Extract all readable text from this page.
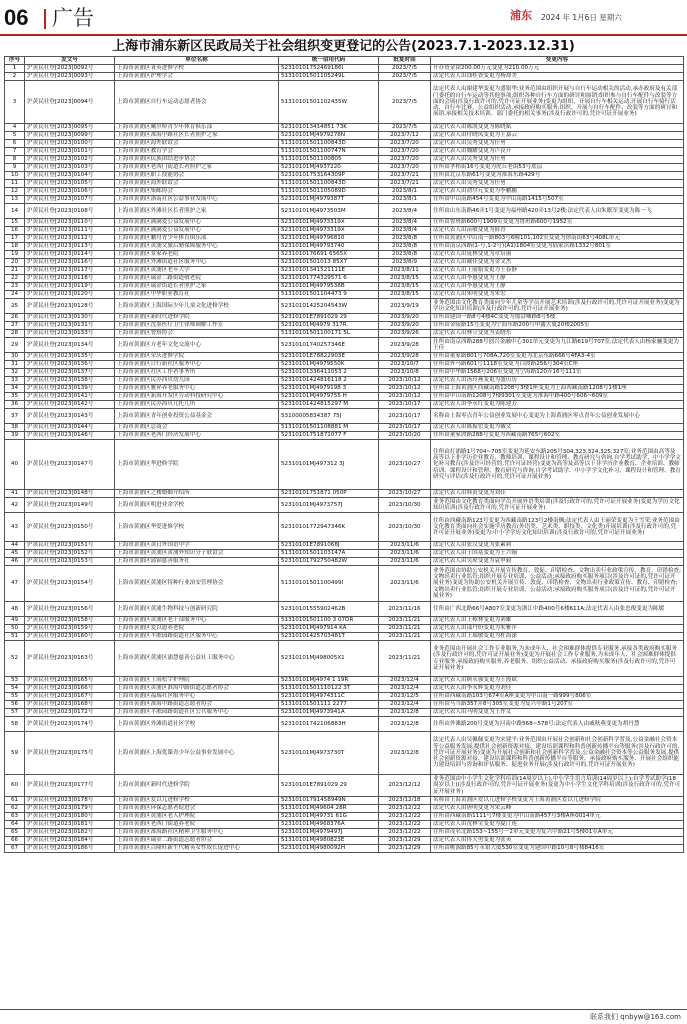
06 广告	浦东	2024 年 1月6日 星期六
上海市浦东新区民政局关于社会组织变更登记的公告(2023.7.1-2023.12.31)
序号	发文号	单位名称	统一信用代码	批复时间	变更内容
1	沪黄民社登[2023]0092号	上海市黄浦区菁英进修学校	52310101752469186l	2023/7/5	开办资金由200.00万元变更为210.00万元
2	沪黄民社登[2023]0093号	上海市黄浦区护理学会	51310101501105249L	2023/7/5	法定代表人由钱桂香变更为杨却美
3	沪黄民社登[2023]0094号	上海市黄浦区自行车运动志愿者协会	51310101501102435W	2023/7/5	法定代表人由谢建华变更为盛银华;业务范围由组织开展与自行车运动相关的活动,承办政府及有关部门委托的自行车运动等其他事项;组织各种自行车方面的研讨和展销;组织参与自行车配件与改装等方面的会展(涉及行政许可的,凭许可证开展业务)变更为组织、开展自行车相关运动,开展自行车骑行活动、自行车比赛、公益组织活动,承接政府购买服务,组织、开展与自行车配件、改装等方面的研讨和展销,承接相关技术培训、部门委托的相关事务(涉及行政许可的,凭许可证开展业务)
4	沪黄民社登[2023]0095号	上海市黄浦区曦尔桥青少年体育俱乐部	523101013414851 73K	2023/7/5	法定代表人由陈凯变更为陈晓斌
5	沪黄民社登[2023]0099号	上海市黄浦区淮海中路社区长者照护之家	52310101MJ4979278N	2023/7/12	法定代表人由付晓凤变更为王嘉云
6	沪黄民社登[2023]0100号	上海市黄浦区海外联谊会	51310101501100843D	2023/7/20	法定代表人由吴秀变更为任勇
7	沪黄民社登[2023]0101号	上海市黄浦区教育学会	51310101501100747N	2023/7/20	法定代表人由魏耀变更为卢苠升
8	沪黄民社登[2023]0102号	上海市黄浦区民族团结进步协会	51310101501100805	2023/7/20	法定代表人由吴秀变更为任勇
9	沪黄民社登[2023]0103号	上海市黄浦区老西门街道长者照护之家	52310101MJ4937220	2023/7/20	住所由孝梧街16号变更为虎丘老街53号底层
10	沪黄民社登[2023]0104号	上海市黄浦区职工技能协会	52310101753164309P	2023/7/21	住所由北京东路61号变更为淮海东路429号
11	沪黄民社登[2023]0105号	上海市黄浦区海外联谊会	51310101501100843D	2023/7/21	法定代表人由吴秀变更为任勇
12	沪黄民社登[2023]0106号	上海市黄浦区集邮协会	51310101501105089D	2023/8/1	法定代表人由俞尔元变更为李鹏鹏
13	沪黄民社登[2023]0107号	上海市黄浦区浙南社区公益事业发展中心	52310101MJ4979387T	2023/8/1	住所由中山南路454号变更为中山南路1415号507室
14	沪黄民社登[2023]0108号	上海市黄浦区外滩社区长者照护之家	52310101MJ4973503M	2023/8/4	住所由山东南路46弄1号变更为福州路420弄13号2楼;法定代表人由朱眠军变更为陈一飞
15	沪黄民社登[2023]0110号	上海市黄浦区满满爱公益发展中心	52310101MJ4973319X	2023/8/4	住所由鲁班路600号1909室变更为鲁班路600号1952室
16	沪黄民社登[2023]0111号	上海市黄浦区满满爱公益发展中心	52310101MJ4973319X	2023/8/4	法定代表人由苗敏变更为薛青
17	沪黄民社登[2023]0112号	上海市黄浦区鹏舟青少年体育俱乐部	52310101MJ49796810	2023/8/8	住所由黄浦区中山南一路803号6幢101,102室变更为徐南街63号408L单元
18	沪黄民社登[2023]0113号	上海市黄浦区黄浦文旅后勤保障服务中心	52310101MJ49793740	2023/8/8	住所由南京西路(1-号,1-2号)(A1)1804室变更为陆家浜路1332号801室
19	沪黄民社登[2023]0114号	上海市黄浦区景家养老院	5231010176691 6565X	2023/8/8	法定代表人由庞林变更为章培丽
20	沪黄民社登[2023]0116号	上海市黄浦区外滩街道社区服务中心	52310101501013 85X7	2023/8/9	法定代表人由戴佳变更为金文杰
21	沪黄民社登[2023]0117号	上海市黄浦区黄浦区老年大学	52310101341521111E	2023/8/11	法定代表人由王丽娟变更为王春静
22	沪黄民社登[2023]0118号	上海市黄浦区瑞金二路街道敬老院	52310101774329571 6	2023/8/15	法定代表人由李惠变更为王静
23	沪黄民社登[2023]0119号	上海市黄浦区瑞金街道长者照护之家	52310101MJ4979538B	2023/8/15	法定代表人由李惠变更为王静
24	沪黄民社登[2023]0120号	上海市黄浦区中华职业教育社	51310101501104473 9	2023/8/15	法定代表人由朱明变更为朱宏
25	沪黄民社登[2023]0128号	上海市黄浦区上海国际少年儿童文化进修学校	52310101425204543W	2023/9/19	业务范围由文化教育类面向少年儿童等学员开展艺术培训(涉及行政许可的,凭许可证开展业务)变更为学历文化知识培训(涉及行政许可的,凭许可证开展业务)
26	沪黄民社登[2023]0130号	上海市黄浦区新时代进修学院	52310101E7891029 29	2023/9/20	住所由建国一路8号4楼4C变更为虞洽卿路8号5楼
27	沪黄民社登[2023]0131号	上海市黄浦区沈墨医疗卫生律师调解工作室	52310101MJ4979 317R	2023/9/20	住所由金陵路15号变更为宁海东路200号申鑫大厦20楼2005室
28	沪黄民社登[2023]0133号	上海市黄浦区警察协会	51310101501100171 5L	2023/9/26	法定代表人由林立变更为姜晓东
29	沪黄民社登[2023]0134号	上海市黄浦区方老年文化交流中心	52310101740257346E	2023/9/28	住所由南京西路288号创兴金融中心301单元变更为九江路619号707室;法定代表人由杨家骊变更为王佳
30	沪黄民社登[2023]0135号	上海市黄浦区荣庆进修学院	52310101E78822903E	2023/9/28	住所由董家路801号708A,720室变更为北京东路666号4FA3-4室
31	沪黄民社登[2023]0136号	上海市黄浦区日行新社区服务中心	52310101MJ4979550K	2023/10/7	住所由外马路601号1118室变更为白渡路256号304室C座
32	沪黄民社登[2023]0137号	上海市黄浦区社区工作者事务所	52310101336411053 2	2023/10/8	住所由中华路1568号206室变更为宁海路120弄16号111室
33	沪黄民社登[2023]0138号	上海市黄浦区民办西贝幼儿园	52310101424816118 2	2023/10/12	法定代表人由汤玲燕变更为盛历历
34	沪黄民社登[2023]0139号	上海市黄浦区雅昇养老服务中心	52310101MJ4979198 3	2023/10/12	住所由上海黄浦区西藏南路1208号3楼1座变更为上海西藏南路1208号1楼1座
35	沪黄民社登[2023]0141号	上海市黄浦区新海开发区劳动科技研究中心	52310101MJ4979755 H	2023/10/12	住所由中山南路1208号7楼9301室变更为淮海中路400号606~609室
36	沪黄民社登[2023]0142号	上海市黄浦区民办海贝儿托儿所	52310101424815297 M	2023/10/17	法定代表人由李永红变更为陈建芳
37	沪黄民社登[2023]0143号	上海市黄浦区青年创业投资公益基金会	53100005834387 75J	2023/10/17	名称由上海零点青年公益创业发展中心变更为上海黄浦区零点青年公益创业发展中心
38	沪黄民社登[2023]0144号	上海市黄浦区总商会	51310101501108881 M	2023/10/17	法定代表人由陈振宏变更为戴文
39	沪黄民社登[2023]0146号	上海市黄浦区老西门经济发展中心	52310101751871077 F	2023/10/20	住所由董家渡路288号变更为西藏南路765号602室
40	沪黄民社登[2023]0147号	上海市黄浦区华进修学院	52310101MJ497312 3J	2023/10/27	住所由打浦路1号704~705室变更为延安东路205号304,323,324,325,327室;业务范围由高等及高等以下非学历企业教育、教师培训、课程设计和管理、教育研究与咨询,自学考试助学、中小学学文化补习教育(涉及许可经营的,凭许可证经营)变更为高等及高等以下非学历企业教育、企业培训、教师培训、课程设计和管理、教育研究与咨询,自学考试助学、中小学学文化补习、课程设计和管理、教育研究与评估(涉及行政许可的,凭许可证开展业务)
41	沪黄民社登[2023]0148号	上海市黄浦区之楼婚姻介绍所	52310101751871 050P	2023/10/27	法定代表人由韩黄变更为刘佳
42	沪黄民社登[2023]0149号	上海市黄浦区明进业余学校	52310101MJ4973757J	2023/10/30	业务范围由文化教育类面向学员开展外语类培训(涉及行政许可的,凭许可证开展业务)变更为学历文化知识培训(涉及行政许可的,凭许可证开展业务)
43	沪黄民社登[2023]0150号	上海市黄浦区华爱进修学校	52310101772947346K	2023/10/30	住所由西藏南路123号变更为西藏南路123号2楼南侧;法定代表人由王丽荣变更为王雪荣;业务范围由文化教育类面向社会实施学历教育(外语类、艺术类、职技类、文化类)开展培训(涉及行政许可的,凭许可证开展业务)变更为:中小学学历文化知识培训(涉及行政许可的,凭许可证开展业务)
44	沪黄民社登[2023]0151号	上海市黄浦区黄日外国语中学	52310101E7891068J	2023/11/6	法定代表人由张汉变更为张素莉
45	沪黄民社登[2023]0152号	上海市黄浦区黄浦区黄浦外知识分子联谊会	51310101501103147A	2023/11/6	法定代表人由王国基变更为王兴翰
46	沪黄民社登[2023]0153号	上海市黄浦区蒲锦慈善服务社	52310101792750482W	2023/11/6	法定代表人由吴琼变更为袁申毅
47	沪黄民社登[2023]0154号	上海市黄浦区黄浦区特种行业治安管理协会	51310101501100499l	2023/11/6	业务范围由协助公安机关开展宣传教育、敦促、印错检查、文物出卖行业政策宣传、教育、印错检查;文物出卖行业监管;组织开展专业培训、公益活动;承接政府购买服务项目(涉及许可证的,凭许可证开展业务)变更为协助公安机关开展宣传、敦促、印错检查、文物出卖行业政策宣传、教育、印错检查;文物出卖行业监管;组织开展专业培训、公益活动;承接政府购买服务项目(涉及许可证的,凭许可证开展业务)
48	沪黄民社登[2023]0156号	上海市黄浦区黄浦生物科技与创新研究院	52310101555902462B	2023/11/16	住所由广西北路66号A807室变更为浙江中路400号6楼611A;法定代表人由张忠俊变更为陈媛
49	沪黄民社登[2023]0158号	上海市黄浦区黄浦区老干部服务中心	51310101501100 3 07DR	2023/11/21	法定代表人由王樟林变更为刘雄
50	沪黄民社登[2023]0159号	上海市黄浦区爱以恩养老院	52310101MJ497914 KA	2023/11/21	法定代表人由邵丹纷变更为朱雅萍
51	沪黄民社登[2023]0160号	上海市黄浦区半淞园路街道社区服务中心	52310101425703481T	2023/11/21	法定代表人由王瑞敏变更为杜海深
52	沪黄民社登[2023]0163号	上海市黄浦区黄浦区浦慧慈善公益社工服务中心	52310101MJ498005X1	2023/11/21	业务范围由开展社会工作专业服务,为未成年人、社会困难群体提供专业服务,承接各类政府购买服务(涉及行政许可的,凭许可证开展业务)变更为开展社会工作专业服务,为未成年人、社会困难群体提供专业服务,承接政府购买服务,养老服务、组织公益活动、承接政府购买服务(涉及行政许可的,凭许可证开展业务)
53	沪黄民社登[2023]0165号	上海市黄浦区上海松宇护理院	52310101MJ4974 1 19R	2023/12/4	法定代表人由顾永强变更为王霞斌
54	沪黄民社登[2023]0166号	上海市黄浦区黄浦区淮海中路街道志愿者协会	51310101501110122 3T	2023/12/4	法定代表人由李永辉变更为刘佳
55	沪黄民社登[2023]0167号	上海市黄浦区福瑞社区服务中心	52310101MJ4974311C	2023/12/5	住所由西藏南路103号674室A座变更为中山南一路999号806室
56	沪黄民社登[2023]0168号	上海市黄浦区淮海中路街道志愿者协会	51310101501111 2277	2023/12/4	住所由马当路357弄8号305室变更为复兴中路1号207室
57	沪黄民社登[2023]0172号	上海市黄浦区半淞园路街道社区公共服务中心	52310101MJ4973941A	2023/12/8	法定代表人由马明变更为王作文
58	沪黄民社登[2023]0174号	上海市黄浦区外滩街道社区学校	52310101742106883H	2023/12/8	住所由外滩路200号变更为河南中路568~578号;法定代表人由戚秋燕变更为胡丹慧
59	沪黄民社登[2023]0175号	上海市黄浦区上海优课青少年公益事业发展中心	52310101MJ4973730T	2023/12/8	法定代表人由吴佩佩变更为宋建平;业务范围由开展社会创新和社会创新科学普及,公益金融社会资本等公益服务发展,提供社会创新资源对接、建设培训课程和科普创新传播平台等服务(涉及行政许可的,凭许可证开展业务)变更为开展社会创新和社会创新科学普及,公益金融社会资本等公益服务发展,提供社会创新资源对接、建设培训课程和科普创新传播平台等服务、承接政府购买服务、开展社会组织能力建设培训与咨询和评估服务、促进业务开展(涉及行政许可的,凭许可证开展业务)
60	沪黄民社登[2023]0177号	上海市黄浦区新时代进修学院	52310101E7891029 29	2023/12/12	业务范围由中小学生文化学科培训(14周岁以上),中小学生语言培训(14周岁以上);自学考试助学(18周岁以上)(涉及行政许可的,凭许可证开展业务)变更为中小学生文化学科培训(涉及行政许可的,凭许可证开展业务)
61	沪黄民社登[2023]0178号	上海市黄浦区爱以儿进修学校	52310101791458949N	2023/12/18	名称由上海黄浦区爱以儿进修学校变更为上海黄浦区爱以儿进修学院
62	沪黄民社登[2023]0179号	上海市黄浦区环保志愿者促进会	51310101MJ49604 28R	2023/12/22	法定代表人由唐明变更为宋云峰
63	沪黄民社登[2023]0180号	上海市黄浦区黄浦区老人护理院	52310101MJ49731 61G	2023/12/22	住所由西藏南路1111号7楼变更为中山南路457号3楼A座0014单元
64	沪黄民社登[2023]0181号	上海市黄浦区老西门街道养老院	52310101MJ4968376A	2023/12/22	法定代表人由沈林宝变更为夏汀莲
65	沪黄民社登[2023]0182号	上海市黄浦区淮海路社区精神卫生服务中心	52310101MJ4979497J	2023/12/22	住所由茂名北路153~155号一2单元变更为复兴中路21号5楼01室A单元
66	沪黄民社登[2023]0184号	上海市黄浦区瑞金二路街道志愿者协会	51310101MJ4980823E	2023/12/29	法定代表人由佟大勇变更为张英
67	沪黄民社登[2023]0186号	上海市黄浦区百隆旺新生代精英女性成长促进中心	52310101MJ4980092H	2023/12/29	住所由桃源路85号永银大厦530室变更为建国中路10号8号楼8416室
联系我们 qnbyw@163.com
